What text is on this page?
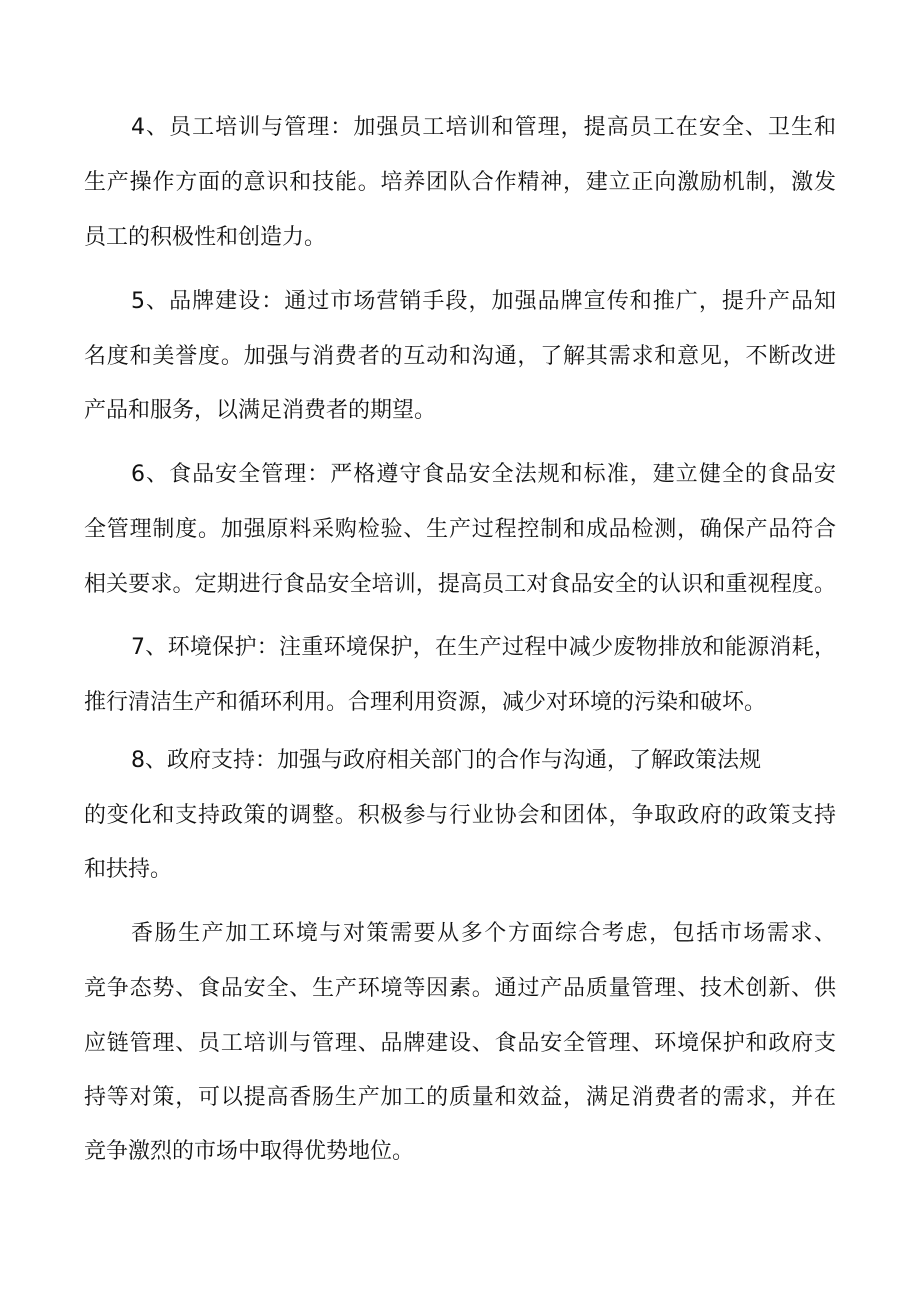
4、员工培训与管理：加强员工培训和管理，提高员工在安全、卫生和
生产操作方面的意识和技能。培养团队合作精神，建立正向激励机制，激发
员工的积极性和创造力。
5、品牌建设：通过市场营销手段，加强品牌宣传和推广，提升产品知
名度和美誉度。加强与消费者的互动和沟通，了解其需求和意见，不断改进
产品和服务，以满足消费者的期望。
6、食品安全管理：严格遵守食品安全法规和标准，建立健全的食品安
全管理制度。加强原料采购检验、生产过程控制和成品检测，确保产品符合
相关要求。定期进行食品安全培训，提高员工对食品安全的认识和重视程度。
7、环境保护：注重环境保护，在生产过程中减少废物排放和能源消耗，
推行清洁生产和循环利用。合理利用资源，减少对环境的污染和破坏。
8、政府支持：加强与政府相关部门的合作与沟通，了解政策法规
的变化和支持政策的调整。积极参与行业协会和团体，争取政府的政策支持
和扶持。
香肠生产加工环境与对策需要从多个方面综合考虑，包括市场需求、
竞争态势、食品安全、生产环境等因素。通过产品质量管理、技术创新、供
应链管理、员工培训与管理、品牌建设、食品安全管理、环境保护和政府支
持等对策，可以提高香肠生产加工的质量和效益，满足消费者的需求，并在
竞争激烈的市场中取得优势地位。
